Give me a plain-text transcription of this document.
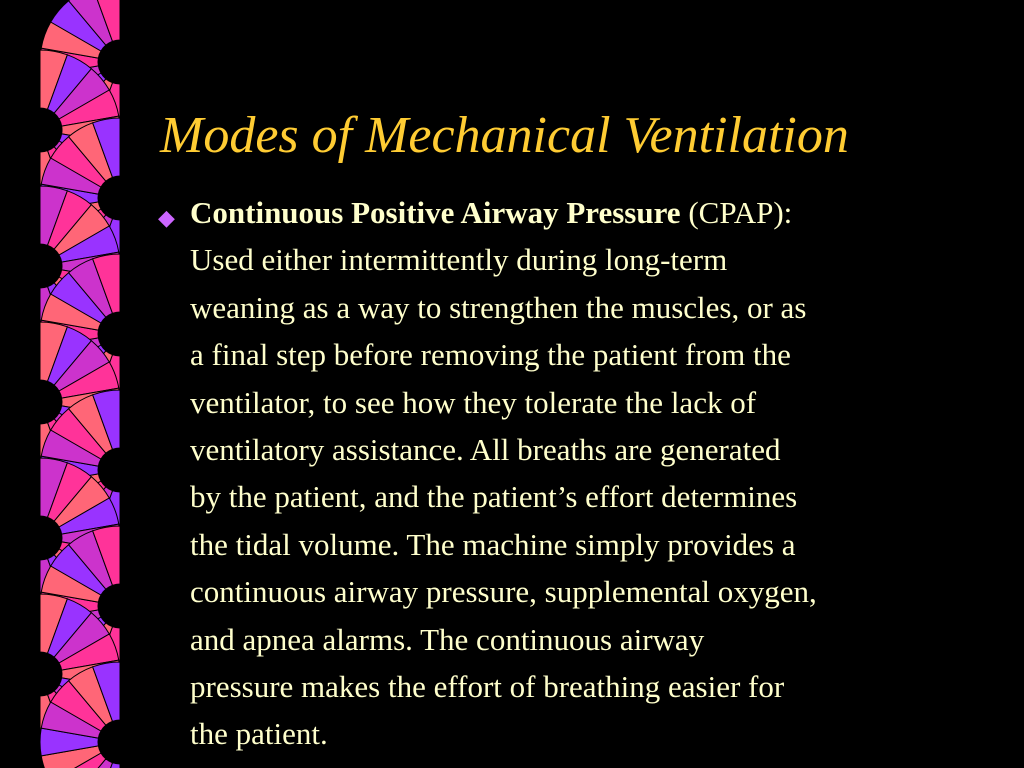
Modes of Mechanical Ventilation
◆ Continuous Positive Airway Pressure (CPAP):
Used either intermittently during long-term
weaning as a way to strengthen the muscles, or as
a final step before removing the patient from the
ventilator, to see how they tolerate the lack of
ventilatory assistance. All breaths are generated
by the patient, and the patient’s effort determines
the tidal volume. The machine simply provides a
continuous airway pressure, supplemental oxygen,
and apnea alarms. The continuous airway
pressure makes the effort of breathing easier for
the patient.
